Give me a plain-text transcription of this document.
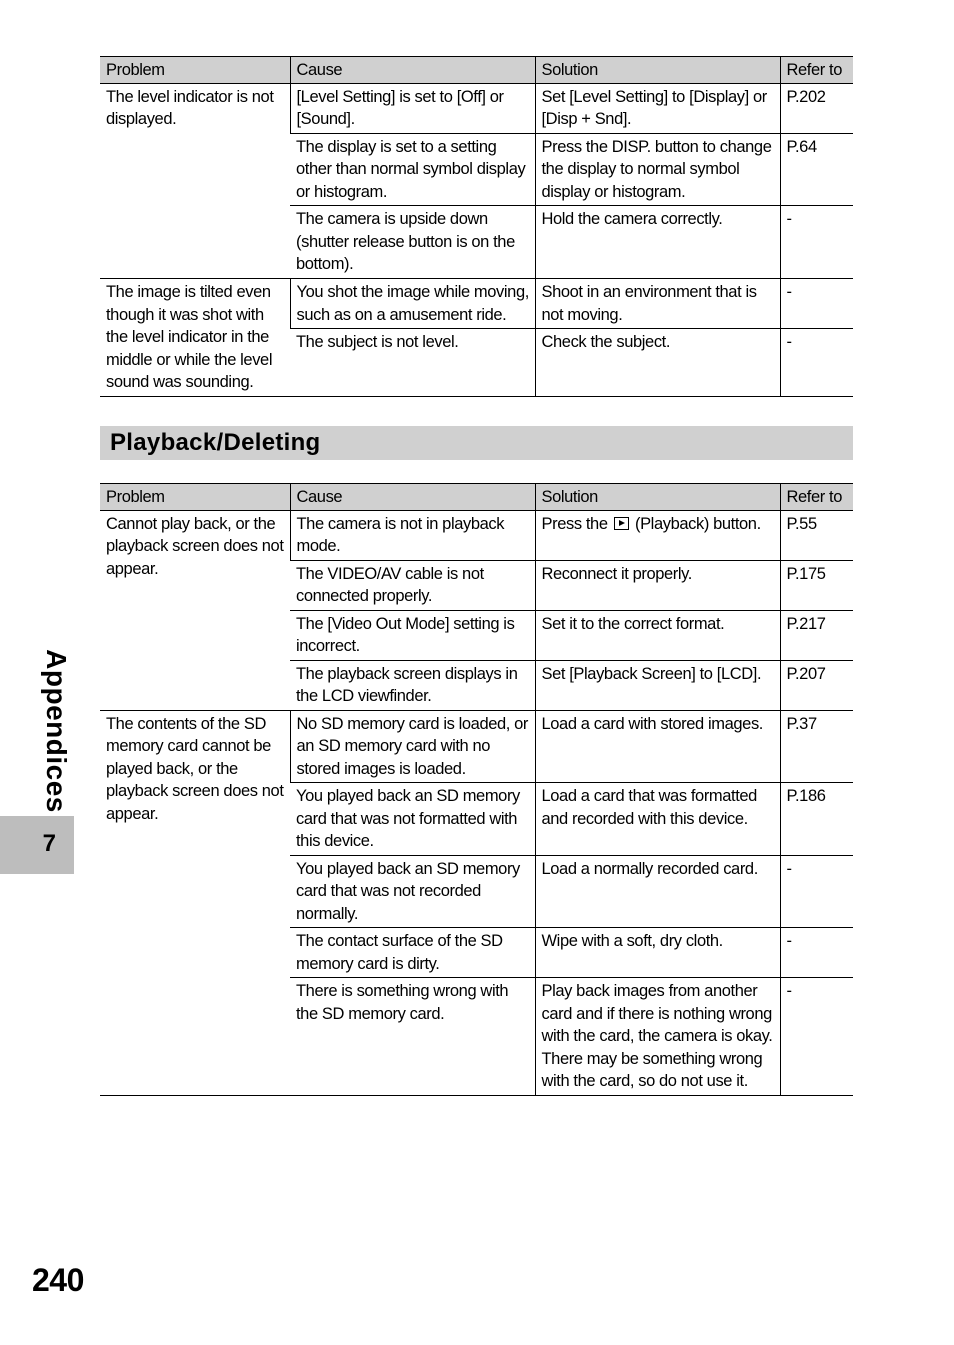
Problem	Cause	Solution	Refer to
The level indicator is not displayed.	[Level Setting] is set to [Off] or [Sound].	Set [Level Setting] to [Display] or [Disp + Snd].	P.202
	The display is set to a setting other than normal symbol display or histogram.	Press the DISP. button to change the display to normal symbol display or histogram.	P.64
	The camera is upside down (shutter release button is on the bottom).	Hold the camera correctly.	-
The image is tilted even though it was shot with the level indicator in the middle or while the level sound was sounding.	You shot the image while moving, such as on a amusement ride.	Shoot in an environment that is not moving.	-
	The subject is not level.	Check the subject.	-
Playback/Deleting
Problem	Cause	Solution	Refer to
Cannot play back, or the playback screen does not appear.	The camera is not in playback mode.	Press the (Playback) button.	P.55
	The VIDEO/AV cable is not connected properly.	Reconnect it properly.	P.175
	The [Video Out Mode] setting is incorrect.	Set it to the correct format.	P.217
	The playback screen displays in the LCD viewfinder.	Set [Playback Screen] to [LCD].	P.207
The contents of the SD memory card cannot be played back, or the playback screen does not appear.	No SD memory card is loaded, or an SD memory card with no stored images is loaded.	Load a card with stored images.	P.37
	You played back an SD memory card that was not formatted with this device.	Load a card that was formatted and recorded with this device.	P.186
	You played back an SD memory card that was not recorded normally.	Load a normally recorded card.	-
	The contact surface of the SD memory card is dirty.	Wipe with a soft, dry cloth.	-
	There is something wrong with the SD memory card.	Play back images from another card and if there is nothing wrong with the card, the camera is okay. There may be something wrong with the card, so do not use it.	-
Appendices
7
240
